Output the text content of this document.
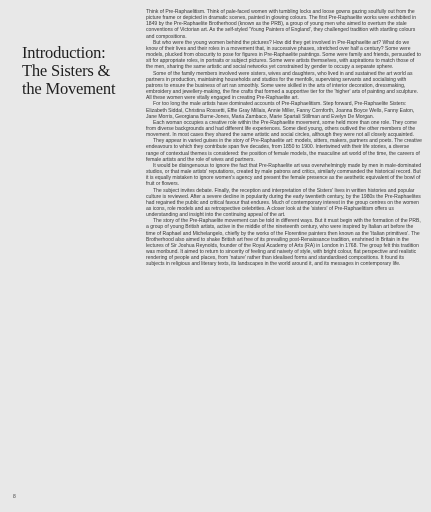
Introduction:
The Sisters &
the Movement

Think of Pre-Raphaelitism. Think of pale-faced women with tumbling locks and loose gowns gazing soulfully out from the picture frame or depicted in dramatic scenes, painted in glowing colours. The first Pre-Raphaelite works were exhibited in 1849 by the Pre-Raphaelite Brotherhood (known as the PRB), a group of young men who aimed to overturn the stale conventions of Victorian art. As the self-styled 'Young Painters of England', they challenged tradition with startling colours and compositions.

But who were the young women behind the pictures? How did they get involved in Pre-Raphaelite art? What do we know of their lives and their roles in a movement that, in successive phases, stretched over half a century? Some were models, plucked from obscurity to pose for figures in Pre-Raphaelite paintings. Some were family and friends, persuaded to sit for appropriate roles, in portraits or subject pictures. Some were artists themselves, with aspirations to match those of the men, sharing the same artistic and social networks yet constrained by gender to occupy a separate sphere.

Some of the family members involved were sisters, wives and daughters, who lived in and sustained the art world as partners in production, maintaining households and studios for the menfolk, supervising servants and socialising with patrons to ensure the business of art ran smoothly. Some were skilled in the arts of interior decoration, dressmaking, embroidery and jewellery-making, the fine crafts that formed a supportive tier for the 'higher' arts of painting and sculpture. All these women were vitally engaged in creating Pre-Raphaelite art.

For too long the male artists have dominated accounts of Pre-Raphaelitism. Step forward, Pre-Raphaelite Sisters: Elizabeth Siddal, Christina Rossetti, Effie Gray Millais, Annie Miller, Fanny Cornforth, Joanna Boyce Wells, Fanny Eaton, Jane Morris, Georgiana Burne-Jones, Maria Zambaco, Marie Spartali Stillman and Evelyn De Morgan.

Each woman occupies a creative role within the Pre-Raphaelite movement, some held more than one role. They come from diverse backgrounds and had different life experiences. Some died young, others outlived the other members of the movement. In most cases they shared the same artistic and social circles, although they were not all closely acquainted.

They appear in varied guises in the story of Pre-Raphaelite art: models, sitters, makers, partners and poets. The creative endeavours to which they contribute span five decades, from 1850 to 1900. Intertwined with their life stories, a diverse range of contextual themes is considered: the position of female models, the masculine art world of the time, the careers of female artists and the role of wives and partners.

It would be disingenuous to ignore the fact that Pre-Raphaelite art was overwhelmingly made by men in male-dominated studios, or that male artists' reputations, created by male patrons and critics, similarly commanded the historical record. But it is equally mistaken to ignore women's agency and present the female presence as the aesthetic equivalent of the bowl of fruit or flowers.

The subject invites debate. Finally, the reception and interpretation of the Sisters' lives in written histories and popular culture is reviewed. After a severe decline in popularity during the early twentieth century, by the 1980s the Pre-Raphaelites had regained the public and critical favour that endures. Much of contemporary interest in the group centres on the women as icons, role models and as retrospective celebrities. A closer look at the 'sisters' of Pre-Raphaelitism offers us understanding and insight into the continuing appeal of the art.

The story of the Pre-Raphaelite movement can be told in different ways. But it must begin with the formation of the PRB, a group of young British artists, active in the middle of the nineteenth century, who were inspired by Italian art before the time of Raphael and Michelangelo, chiefly by the works of the Florentine painters then known as the 'Italian primitives'. The Brotherhood also aimed to shake British art free of its prevailing post-Renaissance tradition, enshrined in Britain in the lectures of Sir Joshua Reynolds, founder of the Royal Academy of Arts (RA) in London in 1768. The group felt this tradition was moribund. It aimed to return to sincerity of feeling and naivety of style, with bright colour, flat perspective and realistic rendering of people and places, from 'nature' rather than idealised forms and standardised compositions. It found its subjects in religious and literary texts, its landscapes in the world around it, and its messages in contemporary life.

8
